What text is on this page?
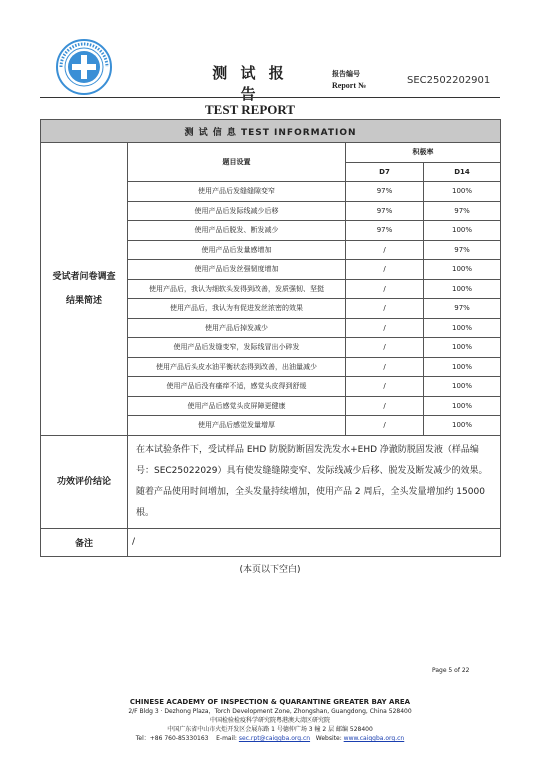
测 试 报 告
TEST REPORT
报告编号
Report №	SEC2502202901
测 试 信 息 TEST INFORMATION			

受试者问卷调查
结果简述	题目设置	积极率	
		D7	D14
	使用产品后发缝缝隙变窄	97%	100%
	使用产品后发际线减少后移	97%	97%
	使用产品后脱发、断发减少	97%	100%
	使用产品后发量感增加	/	97%
	使用产品后发丝强韧度增加	/	100%
	使用产品后，我认为细软头发得到改善，发质强韧、坚挺	/	100%
	使用产品后，我认为有促进发丝浓密的效果	/	97%
	使用产品后掉发减少	/	100%
	使用产品后发缝变窄，发际线冒出小碎发	/	100%
	使用产品后头皮水油平衡状态得到改善，出油量减少	/	100%
	使用产品后没有瘙痒不适，感觉头皮得到舒缓	/	100%
	使用产品后感觉头皮屏障更健康	/	100%
	使用产品后感觉发量增厚	/	100%
功效评价结论	在本试验条件下，受试样品 EHD 防脱防断固发洗发水+EHD 净澈防脱固发液（样品编号：SEC25022029）具有使发缝缝隙变窄、发际线减少后移、脱发及断发减少的效果。随着产品使用时间增加，全头发量持续增加，使用产品 2 周后，全头发量增加约 15000 根。		
备注	/		
(本页以下空白)
Page 5 of 22
CHINESE ACADEMY OF INSPECTION & QUARANTINE GREATER BAY AREA
2/F Bldg 3 · Dezhong Plaza，Torch Development Zone, Zhongshan, Guangdong, China 528400
中国检验检疫科学研究院粤港澳大湾区研究院
中国广东省中山市火炬开发区会展东路 1 号德仲广场 3 幢 2 层 邮编 528400
Tel：+86 760-85330163 E-mail: sec.rpt@caiqgba.org.cn Website: www.caiqgba.org.cn
